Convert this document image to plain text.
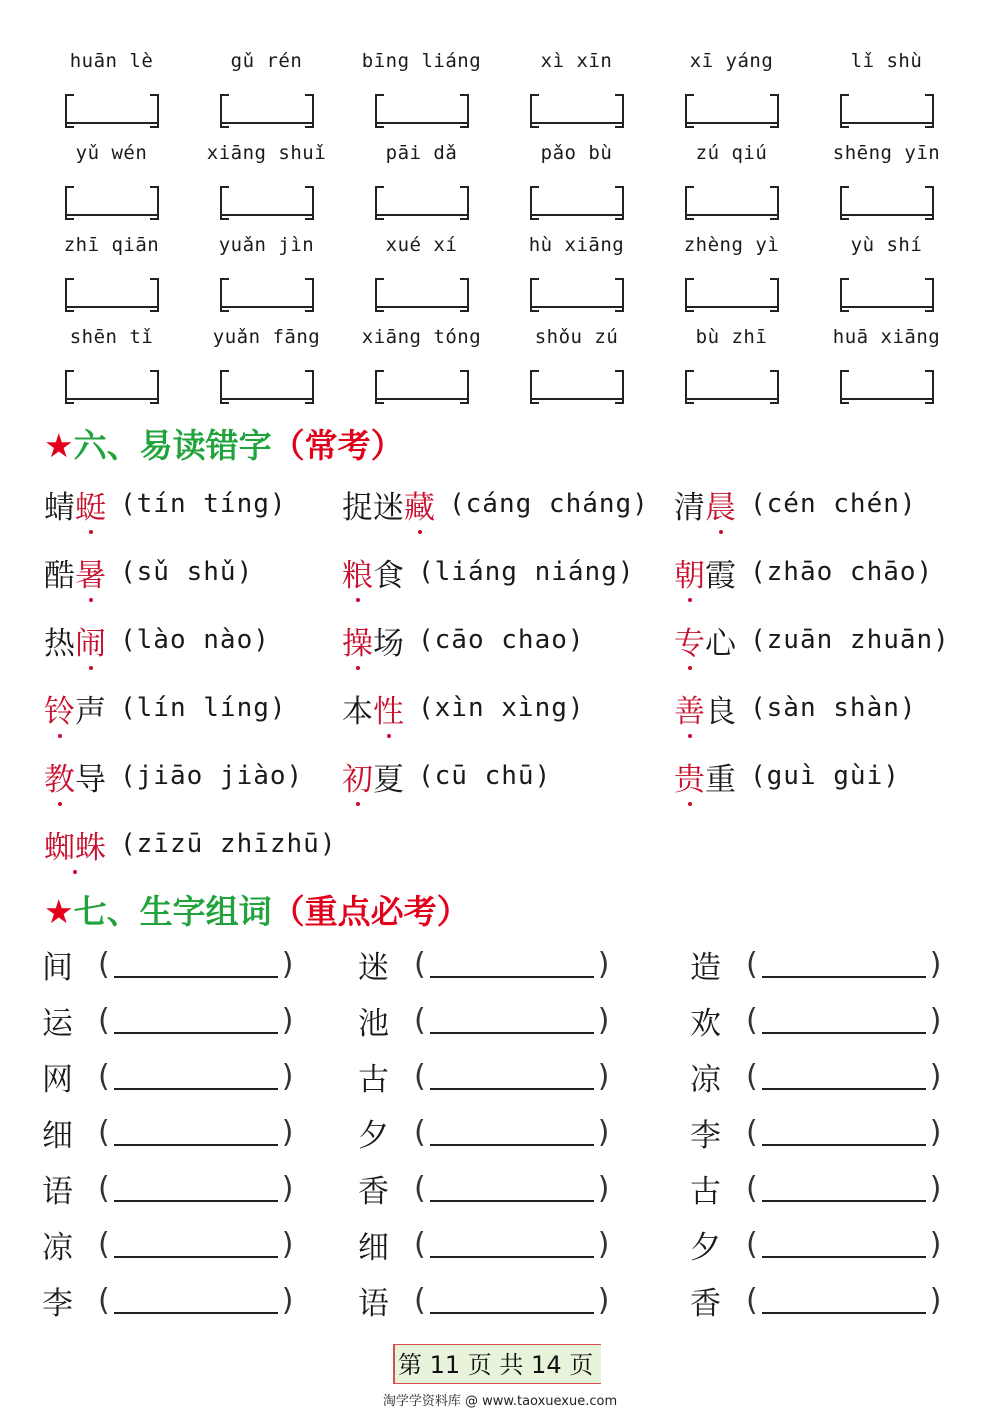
huān lè	gǔ rén	bīng liáng	xì xīn	xī yáng	lǐ shù
yǔ wén	xiāng shuǐ	pāi dǎ	pǎo bù	zú qiú	shēng yīn
zhī qiān	yuǎn jìn	xué xí	hù xiāng	zhèng yì	yù shí
shēn tǐ	yuǎn fāng	xiāng tóng	shǒu zú	bù zhī	huā xiāng
★六、易读错字（常考）
蜻蜓 (tín tíng) 捉迷藏 (cáng cháng) 清晨 (cén chén)
酷暑 (sǔ shǔ)	粮食 (liáng niáng) 朝霞 (zhāo chāo)
热闹 (lào nào) 操场 (cāo chao)	专心 (zuān zhuān)
铃声 (lín líng) 本性 (xìn xìng)	善良 (sàn shàn)
教导 (jiāo jiào) 初夏 (cū chū)	贵重 (guì gùi)
蜘蛛 (zīzū zhīzhū)
★七、生字组词（重点必考）
间 (	) 迷 (	)	造 (	)
运 (	) 池 (	)	欢 (	)
网 (	) 古 (	)	凉 (	)
细 (	) 夕 (	)	李 (	)
语 (	) 香 (	)	古 (	)
凉 (	) 细 (	)	夕 (	)
李 (	) 语 (	)	香 (	)
第 11 页 共 14 页
淘学学资料库 @ www.taoxuexue.com
